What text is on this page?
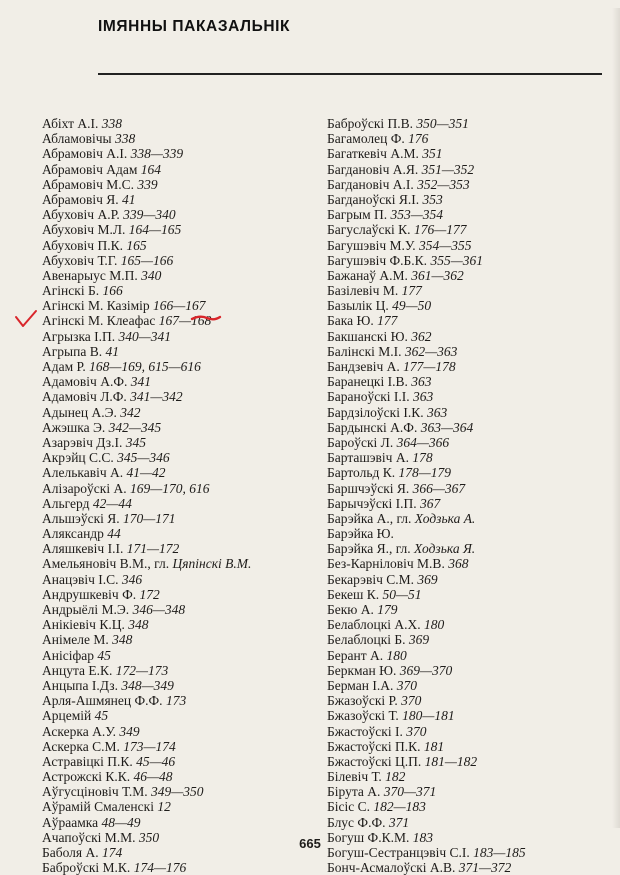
ІМЯННЫ ПАКАЗАЛЬНІК
Абіхт А.І. 338
Абламовічы 338
Абрамовіч А.І. 338—339
Абрамовіч Адам 164
Абрамовіч М.С. 339
Абрамовіч Я. 41
Абуховіч А.Р. 339—340
Абуховіч М.Л. 164—165
Абуховіч П.К. 165
Абуховіч Т.Г. 165—166
Авенарыус М.П. 340
Агінскі Б. 166
Агінскі М. Казімір 166—167
Агінскі М. Клеафас 167—168
Агрызка І.П. 340—341
Агрыпа В. 41
Адам Р. 168—169, 615—616
Адамовіч А.Ф. 341
Адамовіч Л.Ф. 341—342
Адынец А.Э. 342
Ажэшка Э. 342—345
Азарэвіч Дз.І. 345
Акрэйц С.С. 345—346
Алелькавіч А. 41—42
Алізароўскі А. 169—170, 616
Альгерд 42—44
Альшэўскі Я. 170—171
Аляксандр 44
Аляшкевіч І.І. 171—172
Амельяновіч В.М., гл. Цяпінскі В.М.
Анацэвіч І.С. 346
Андрушкевіч Ф. 172
Андрыёлі М.Э. 346—348
Анікіевіч К.Ц. 348
Анімеле М. 348
Анісіфар 45
Анцута Е.К. 172—173
Анцыпа І.Дз. 348—349
Арля-Ашмянец Ф.Ф. 173
Арцемій 45
Аскерка А.У. 349
Аскерка С.М. 173—174
Астравіцкі П.К. 45—46
Астрожскі К.К. 46—48
Аўгусціновіч Т.М. 349—350
Аўрамій Смаленскі 12
Аўраамка 48—49
Ачапоўскі М.М. 350
Баболя А. 174
Баброўскі М.К. 174—176
Баброўскі П.В. 350—351
Багамолец Ф. 176
Багаткевіч А.М. 351
Багдановіч А.Я. 351—352
Багдановіч А.І. 352—353
Багданоўскі Я.І. 353
Багрым П. 353—354
Багуслаўскі К. 176—177
Багушэвіч М.У. 354—355
Багушэвіч Ф.Б.К. 355—361
Бажанаў А.М. 361—362
Базілевіч М. 177
Базылік Ц. 49—50
Бака Ю. 177
Бакшанскі Ю. 362
Балінскі М.І. 362—363
Бандзевіч А. 177—178
Баранецкі І.В. 363
Бараноўскі І.І. 363
Бардзілоўскі І.К. 363
Бардынскі А.Ф. 363—364
Бароўскі Л. 364—366
Барташэвіч А. 178
Бартольд К. 178—179
Баршчэўскі Я. 366—367
Барычэўскі І.П. 367
Барэйка А., гл. Ходзька А.
Барэйка Ю.
Барэйка Я., гл. Ходзька Я.
Без-Карніловіч М.В. 368
Бекарэвіч С.М. 369
Бекеш К. 50—51
Бекю А. 179
Белаблоцкі А.Х. 180
Белаблоцкі Б. 369
Берант А. 180
Беркман Ю. 369—370
Берман І.А. 370
Бжазоўскі Р. 370
Бжазоўскі Т. 180—181
Бжастоўскі І. 370
Бжастоўскі П.К. 181
Бжастоўскі Ц.П. 181—182
Білевіч Т. 182
Бірута А. 370—371
Бісіс С. 182—183
Блус Ф.Ф. 371
Богуш Ф.К.М. 183
Богуш-Сестранцэвіч С.І. 183—185
Бонч-Асмалоўскі А.В. 371—372
665
